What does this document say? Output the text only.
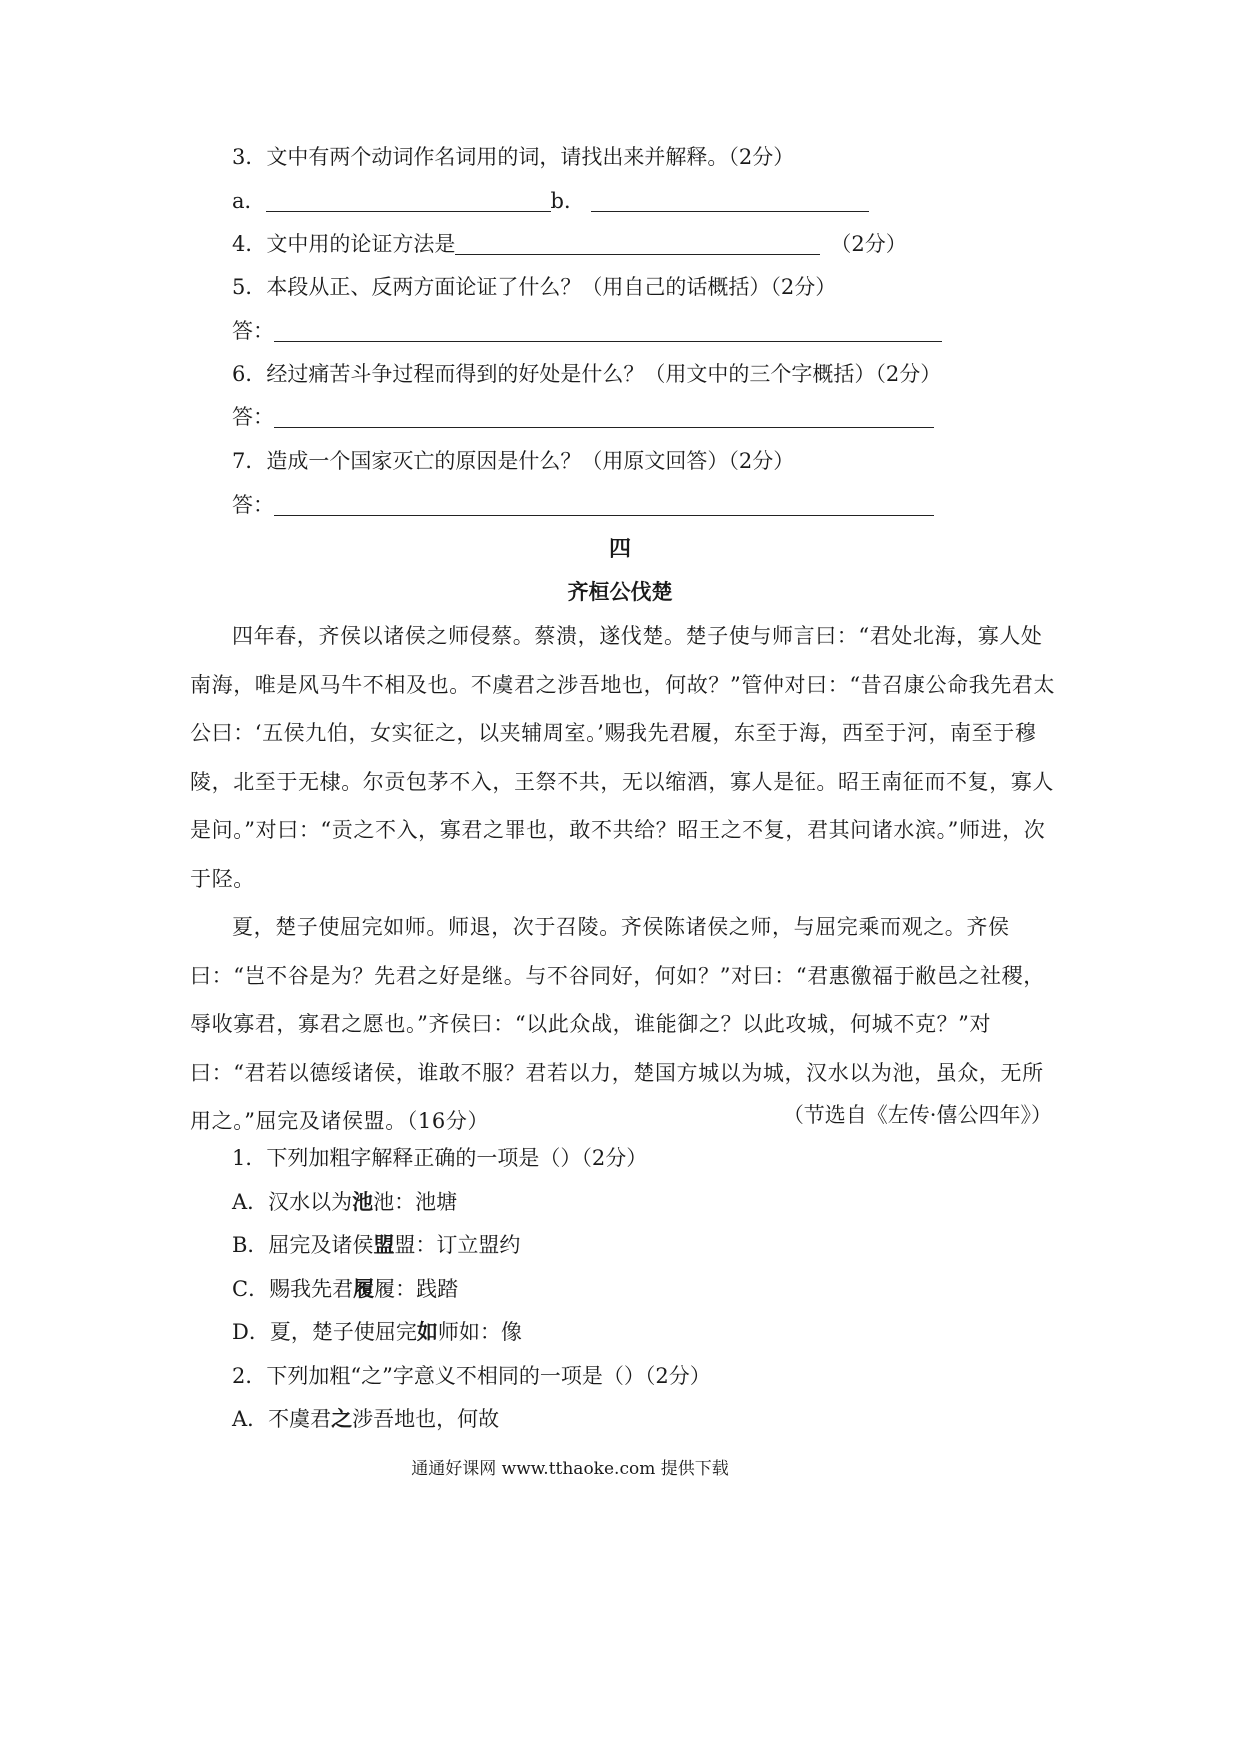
3．文中有两个动词作名词用的词，请找出来并解释。（2分）
a．	b．
4．文中用的论证方法是	（2分）
5．本段从正、反两方面论证了什么？（用自己的话概括）（2分）
答：
6．经过痛苦斗争过程而得到的好处是什么？（用文中的三个字概括）（2分）
答：
7．造成一个国家灭亡的原因是什么？（用原文回答）（2分）
答：
四
齐桓公伐楚

四年春，齐侯以诸侯之师侵蔡。蔡溃，遂伐楚。楚子使与师言曰：“君处北海，寡人处南海，唯是风马牛不相及也。不虞君之涉吾地也，何故？”管仲对曰：“昔召康公命我先君太公曰：‘五侯九伯，女实征之，以夹辅周室。’赐我先君履，东至于海，西至于河，南至于穆陵，北至于无棣。尔贡包茅不入，王祭不共，无以缩酒，寡人是征。昭王南征而不复，寡人是问。”对曰：“贡之不入，寡君之罪也，敢不共给？昭王之不复，君其问诸水滨。”师进，次于陉。

夏，楚子使屈完如师。师退，次于召陵。齐侯陈诸侯之师，与屈完乘而观之。齐侯曰：“岂不谷是为？先君之好是继。与不谷同好，何如？”对曰：“君惠徼福于敝邑之社稷，辱收寡君，寡君之愿也。”齐侯曰：“以此众战，谁能御之？以此攻城，何城不克？”对曰：“君若以德绥诸侯，谁敢不服？君若以力，楚国方城以为城，汉水以为池，虽众，无所用之。”屈完及诸侯盟。（16分）	（节选自《左传·僖公四年》）
1．下列加粗字解释正确的一项是（）（2分）
A．汉水以为池池：池塘
B．屈完及诸侯盟盟：订立盟约
C．赐我先君履履：践踏
D．夏，楚子使屈完如师如：像
2．下列加粗“之”字意义不相同的一项是（）（2分）
A．不虞君之涉吾地也，何故
通通好课网 www.tthaoke.com 提供下载
